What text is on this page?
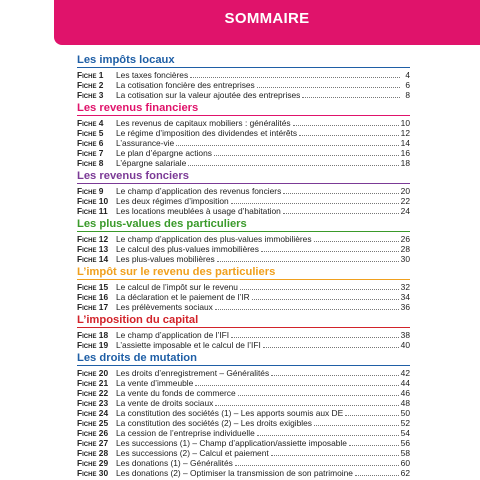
SOMMAIRE
Les impôts locaux
Fiche 1	Les taxes foncières	4
Fiche 2	La cotisation foncière des entreprises	6
Fiche 3	La cotisation sur la valeur ajoutée des entreprises	8
Les revenus financiers
Fiche 4	Les revenus de capitaux mobiliers : généralités	10
Fiche 5	Le régime d’imposition des dividendes et intérêts	12
Fiche 6	L’assurance-vie	14
Fiche 7	Le plan d’épargne actions	16
Fiche 8	L’épargne salariale	18
Les revenus fonciers
Fiche 9	Le champ d’application des revenus fonciers	20
Fiche 10 Les deux régimes d’imposition	22
Fiche 11 Les locations meublées à usage d’habitation	24
Les plus-values des particuliers
Fiche 12 Le champ d’application des plus-values immobilières	26
Fiche 13 Le calcul des plus-values immobilières	28
Fiche 14 Les plus-values mobilières	30
L’impôt sur le revenu des particuliers
Fiche 15 Le calcul de l’impôt sur le revenu	32
Fiche 16 La déclaration et le paiement de l’IR	34
Fiche 17 Les prélèvements sociaux	36
L’imposition du capital
Fiche 18 Le champ d’application de l’IFI	38
Fiche 19 L’assiette imposable et le calcul de l’IFI	40
Les droits de mutation
Fiche 20 Les droits d’enregistrement – Généralités	42
Fiche 21 La vente d’immeuble	44
Fiche 22 La vente du fonds de commerce	46
Fiche 23 La vente de droits sociaux	48
Fiche 24 La constitution des sociétés (1) – Les apports soumis aux DE	50
Fiche 25 La constitution des sociétés (2) – Les droits exigibles	52
Fiche 26 La cession de l’entreprise individuelle	54
Fiche 27 Les successions (1) – Champ d’application/assiette imposable	56
Fiche 28 Les successions (2) – Calcul et paiement	58
Fiche 29 Les donations (1) – Généralités	60
Fiche 30 Les donations (2) – Optimiser la transmission de son patrimoine	62
